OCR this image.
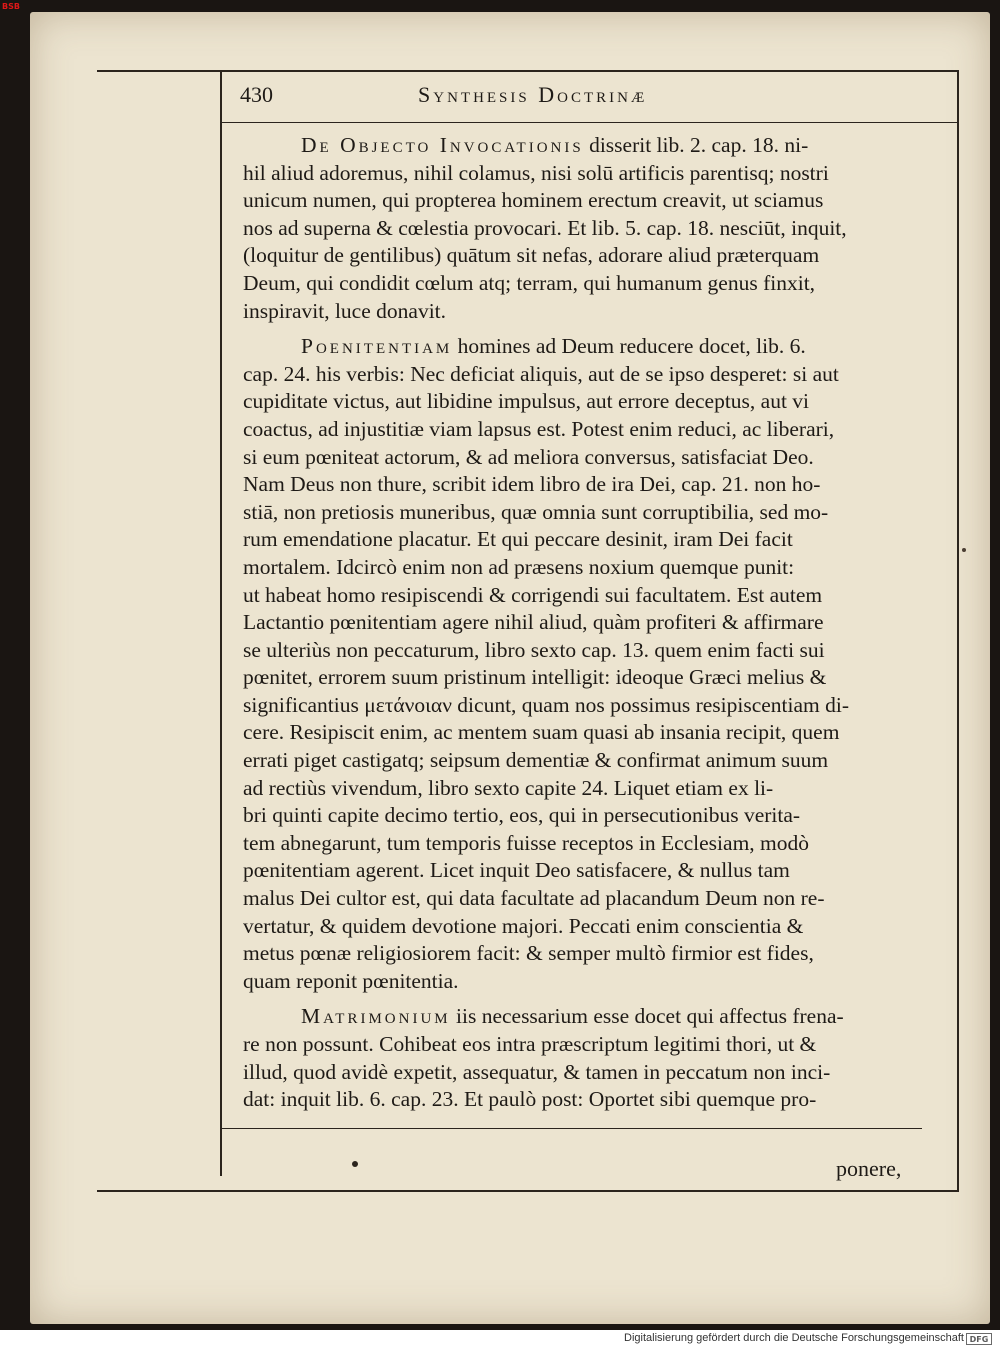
BSB
430	Synthesis Doctrinæ
De Objecto Invocationis disserit lib. 2. cap. 18. ni-
hil aliud adoremus, nihil colamus, nisi solū artificis parentisq; nostri
unicum numen, qui propterea hominem erectum creavit, ut sciamus
nos ad superna & cœlestia provocari. Et lib. 5. cap. 18. nesciūt, inquit,
(loquitur de gentilibus) quātum sit nefas, adorare aliud præterquam
Deum, qui condidit cœlum atq; terram, qui humanum genus finxit,
inspiravit, luce donavit.
Poenitentiam homines ad Deum reducere docet, lib. 6.
cap. 24. his verbis: Nec deficiat aliquis, aut de se ipso desperet: si aut
cupiditate victus, aut libidine impulsus, aut errore deceptus, aut vi
coactus, ad injustitiæ viam lapsus est. Potest enim reduci, ac liberari,
si eum pœniteat actorum, & ad meliora conversus, satisfaciat Deo.
Nam Deus non thure, scribit idem libro de ira Dei, cap. 21. non ho-
stiā, non pretiosis muneribus, quæ omnia sunt corruptibilia, sed mo-
rum emendatione placatur. Et qui peccare desinit, iram Dei facit
mortalem. Idcircò enim non ad præsens noxium quemque punit:
ut habeat homo resipiscendi & corrigendi sui facultatem. Est autem
Lactantio pœnitentiam agere nihil aliud, quàm profiteri & affirmare
se ulteriùs non peccaturum, libro sexto cap. 13. quem enim facti sui
pœnitet, errorem suum pristinum intelligit: ideoque Græci melius &
significantius μετάνοιαν dicunt, quam nos possimus resipiscentiam di-
cere. Resipiscit enim, ac mentem suam quasi ab insania recipit, quem
errati piget castigatq; seipsum dementiæ & confirmat animum suum
ad rectiùs vivendum, libro sexto capite 24. Liquet etiam ex li-
bri quinti capite decimo tertio, eos, qui in persecutionibus verita-
tem abnegarunt, tum temporis fuisse receptos in Ecclesiam, modò
pœnitentiam agerent. Licet inquit Deo satisfacere, & nullus tam
malus Dei cultor est, qui data facultate ad placandum Deum non re-
vertatur, & quidem devotione majori. Peccati enim conscientia &
metus pœnæ religiosiorem facit: & semper multò firmior est fides,
quam reponit pœnitentia.
Matrimonium iis necessarium esse docet qui affectus frena-
re non possunt. Cohibeat eos intra præscriptum legitimi thori, ut &
illud, quod avidè expetit, assequatur, & tamen in peccatum non inci-
dat: inquit lib. 6. cap. 23. Et paulò post: Oportet sibi quemque pro-
ponere,
Digitalisierung gefördert durch die Deutsche Forschungsgemeinschaft DFG
